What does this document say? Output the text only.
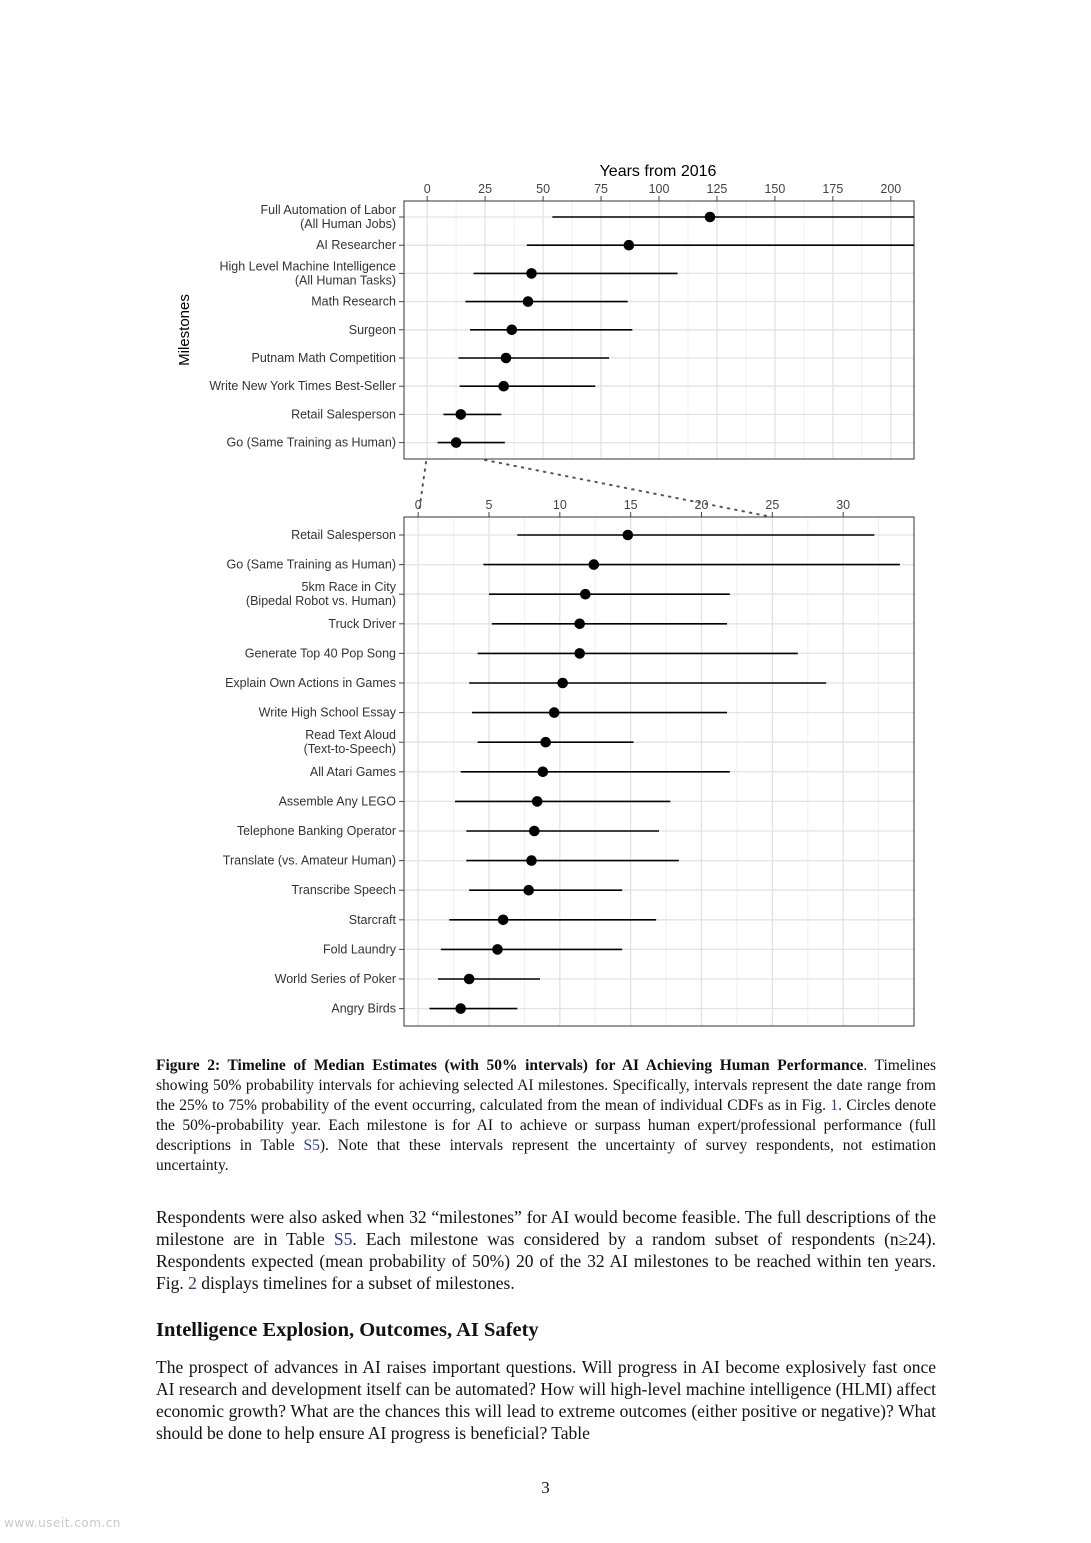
Years from 2016
Milestones
0	25	50	75	100	125	150	175	200
Full Automation of Labor (All Human Jobs)
AI Researcher
High Level Machine Intelligence (All Human Tasks)
Math Research
Surgeon
Putnam Math Competition
Write New York Times Best-Seller
Retail Salesperson
Go (Same Training as Human)
0	5	10	15	20	25	30
Retail Salesperson
Go (Same Training as Human)
5km Race in City (Bipedal Robot vs. Human)
Truck Driver
Generate Top 40 Pop Song
Explain Own Actions in Games
Write High School Essay
Read Text Aloud (Text-to-Speech)
All Atari Games
Assemble Any LEGO
Telephone Banking Operator
Translate (vs. Amateur Human)
Transcribe Speech
Starcraft
Fold Laundry
World Series of Poker
Angry Birds
Figure 2: Timeline of Median Estimates (with 50% intervals) for AI Achieving Human Performance. Timelines showing 50% probability intervals for achieving selected AI milestones. Specifically, intervals represent the date range from the 25% to 75% probability of the event occurring, calculated from the mean of individual CDFs as in Fig. 1. Circles denote the 50%-probability year. Each milestone is for AI to achieve or surpass human expert/professional performance (full descriptions in Table S5). Note that these intervals represent the uncertainty of survey respondents, not estimation uncertainty.
Respondents were also asked when 32 “milestones” for AI would become feasible. The full descriptions of the milestone are in Table S5. Each milestone was considered by a random subset of respondents (n≥24). Respondents expected (mean probability of 50%) 20 of the 32 AI milestones to be reached within ten years. Fig. 2 displays timelines for a subset of milestones.
Intelligence Explosion, Outcomes, AI Safety
The prospect of advances in AI raises important questions. Will progress in AI become explosively fast once AI research and development itself can be automated? How will high-level machine intelligence (HLMI) affect economic growth? What are the chances this will lead to extreme outcomes (either positive or negative)? What should be done to help ensure AI progress is beneficial? Table
3
www.useit.com.cn
